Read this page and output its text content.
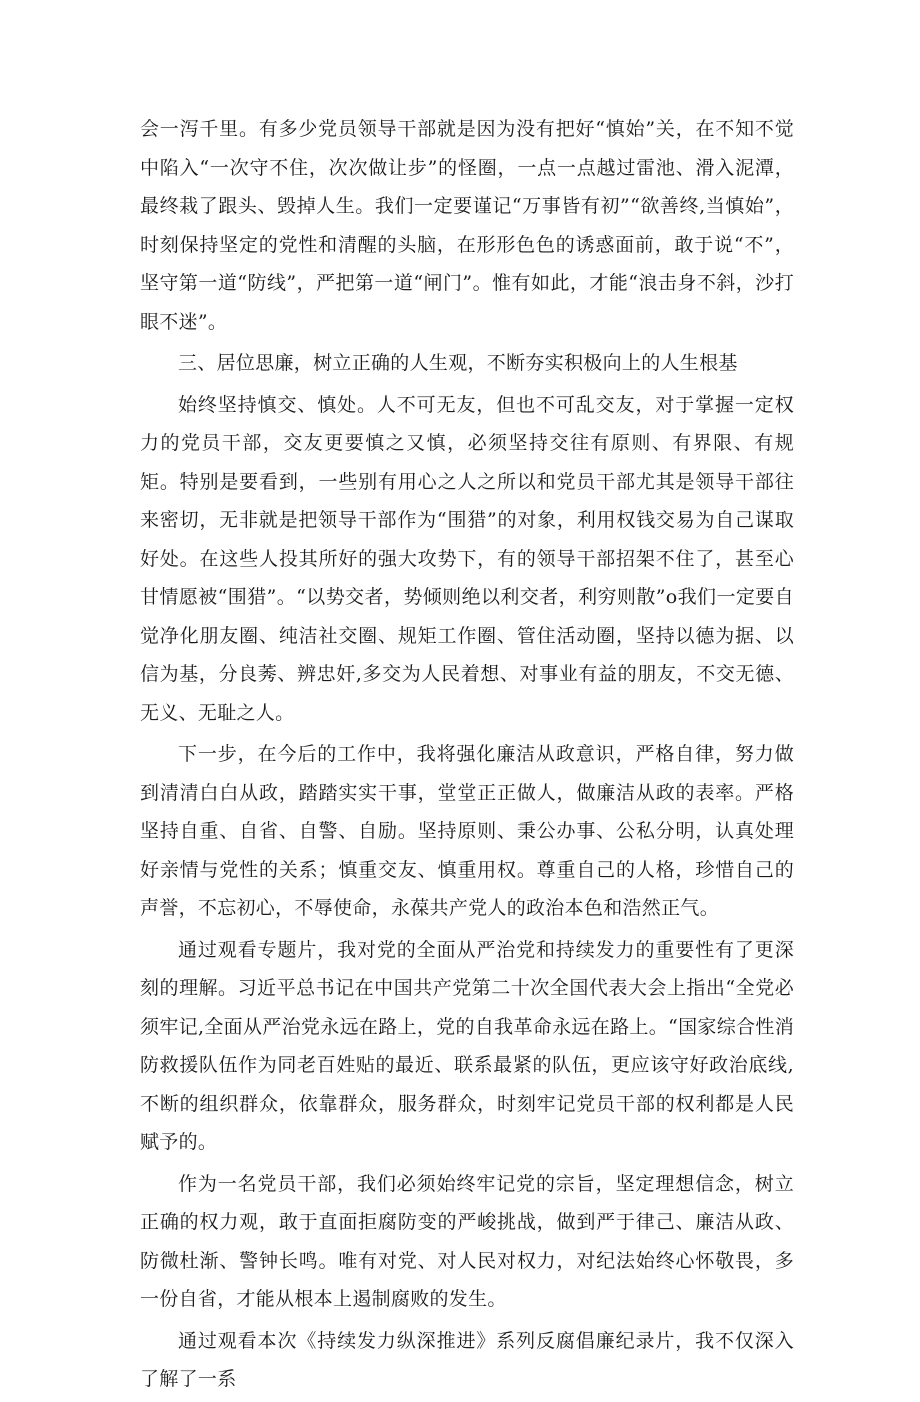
会一泻千里。有多少党员领导干部就是因为没有把好“慎始”关，在不知不觉中陷入“一次守不住，次次做让步”的怪圈，一点一点越过雷池、滑入泥潭，最终栽了跟头、毁掉人生。我们一定要谨记“万事皆有初”“欲善终,当慎始”，时刻保持坚定的党性和清醒的头脑，在形形色色的诱惑面前，敢于说“不”，坚守第一道“防线”，严把第一道“闸门”。惟有如此，才能“浪击身不斜，沙打眼不迷”。

三、居位思廉，树立正确的人生观，不断夯实积极向上的人生根基

始终坚持慎交、慎处。人不可无友，但也不可乱交友，对于掌握一定权力的党员干部，交友更要慎之又慎，必须坚持交往有原则、有界限、有规矩。特别是要看到，一些别有用心之人之所以和党员干部尤其是领导干部往来密切，无非就是把领导干部作为“围猎”的对象，利用权钱交易为自己谋取好处。在这些人投其所好的强大攻势下，有的领导干部招架不住了，甚至心甘情愿被“围猎”。“以势交者，势倾则绝以利交者，利穷则散”o我们一定要自觉净化朋友圈、纯洁社交圈、规矩工作圈、管住活动圈，坚持以德为据、以信为基，分良莠、辨忠奸,多交为人民着想、对事业有益的朋友，不交无德、无义、无耻之人。

下一步，在今后的工作中，我将强化廉洁从政意识，严格自律，努力做到清清白白从政，踏踏实实干事，堂堂正正做人，做廉洁从政的表率。严格坚持自重、自省、自警、自励。坚持原则、秉公办事、公私分明，认真处理好亲情与党性的关系；慎重交友、慎重用权。尊重自己的人格，珍惜自己的声誉，不忘初心，不辱使命，永葆共产党人的政治本色和浩然正气。

通过观看专题片，我对党的全面从严治党和持续发力的重要性有了更深刻的理解。习近平总书记在中国共产党第二十次全国代表大会上指出“全党必须牢记,全面从严治党永远在路上，党的自我革命永远在路上。“国家综合性消防救援队伍作为同老百姓贴的最近、联系最紧的队伍，更应该守好政治底线,不断的组织群众，依靠群众，服务群众，时刻牢记党员干部的权利都是人民赋予的。

作为一名党员干部，我们必须始终牢记党的宗旨，坚定理想信念，树立正确的权力观，敢于直面拒腐防变的严峻挑战，做到严于律己、廉洁从政、防微杜渐、警钟长鸣。唯有对党、对人民对权力，对纪法始终心怀敬畏，多一份自省，才能从根本上遏制腐败的发生。

通过观看本次《持续发力纵深推进》系列反腐倡廉纪录片，我不仅深入了解了一系
